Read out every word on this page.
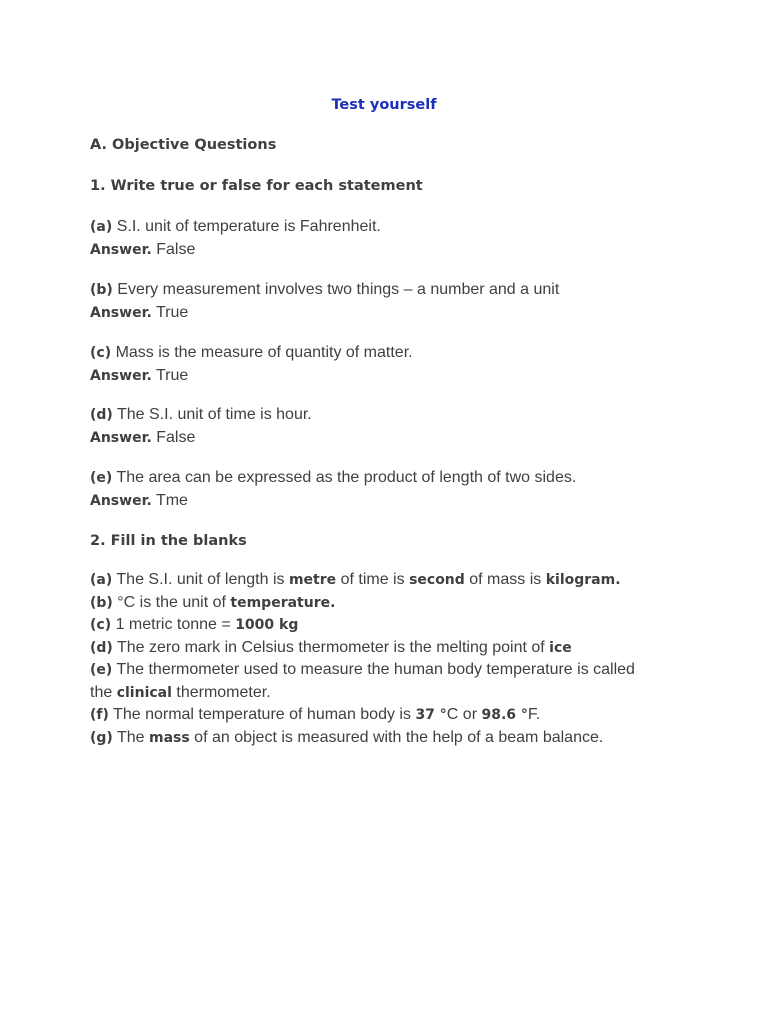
Test yourself
A. Objective Questions
1. Write true or false for each statement
(a) S.I. unit of temperature is Fahrenheit.
Answer. False
(b) Every measurement involves two things – a number and a unit
Answer. True
(c) Mass is the measure of quantity of matter.
Answer. True
(d) The S.I. unit of time is hour.
Answer. False
(e) The area can be expressed as the product of length of two sides.
Answer. Tme
2. Fill in the blanks
(a) The S.I. unit of length is metre of time is second of mass is kilogram.
(b) °C is the unit of temperature.
(c) 1 metric tonne = 1000 kg
(d) The zero mark in Celsius thermometer is the melting point of ice
(e) The thermometer used to measure the human body temperature is called
the clinical thermometer.
(f) The normal temperature of human body is 37 °C or 98.6 °F.
(g) The mass of an object is measured with the help of a beam balance.
